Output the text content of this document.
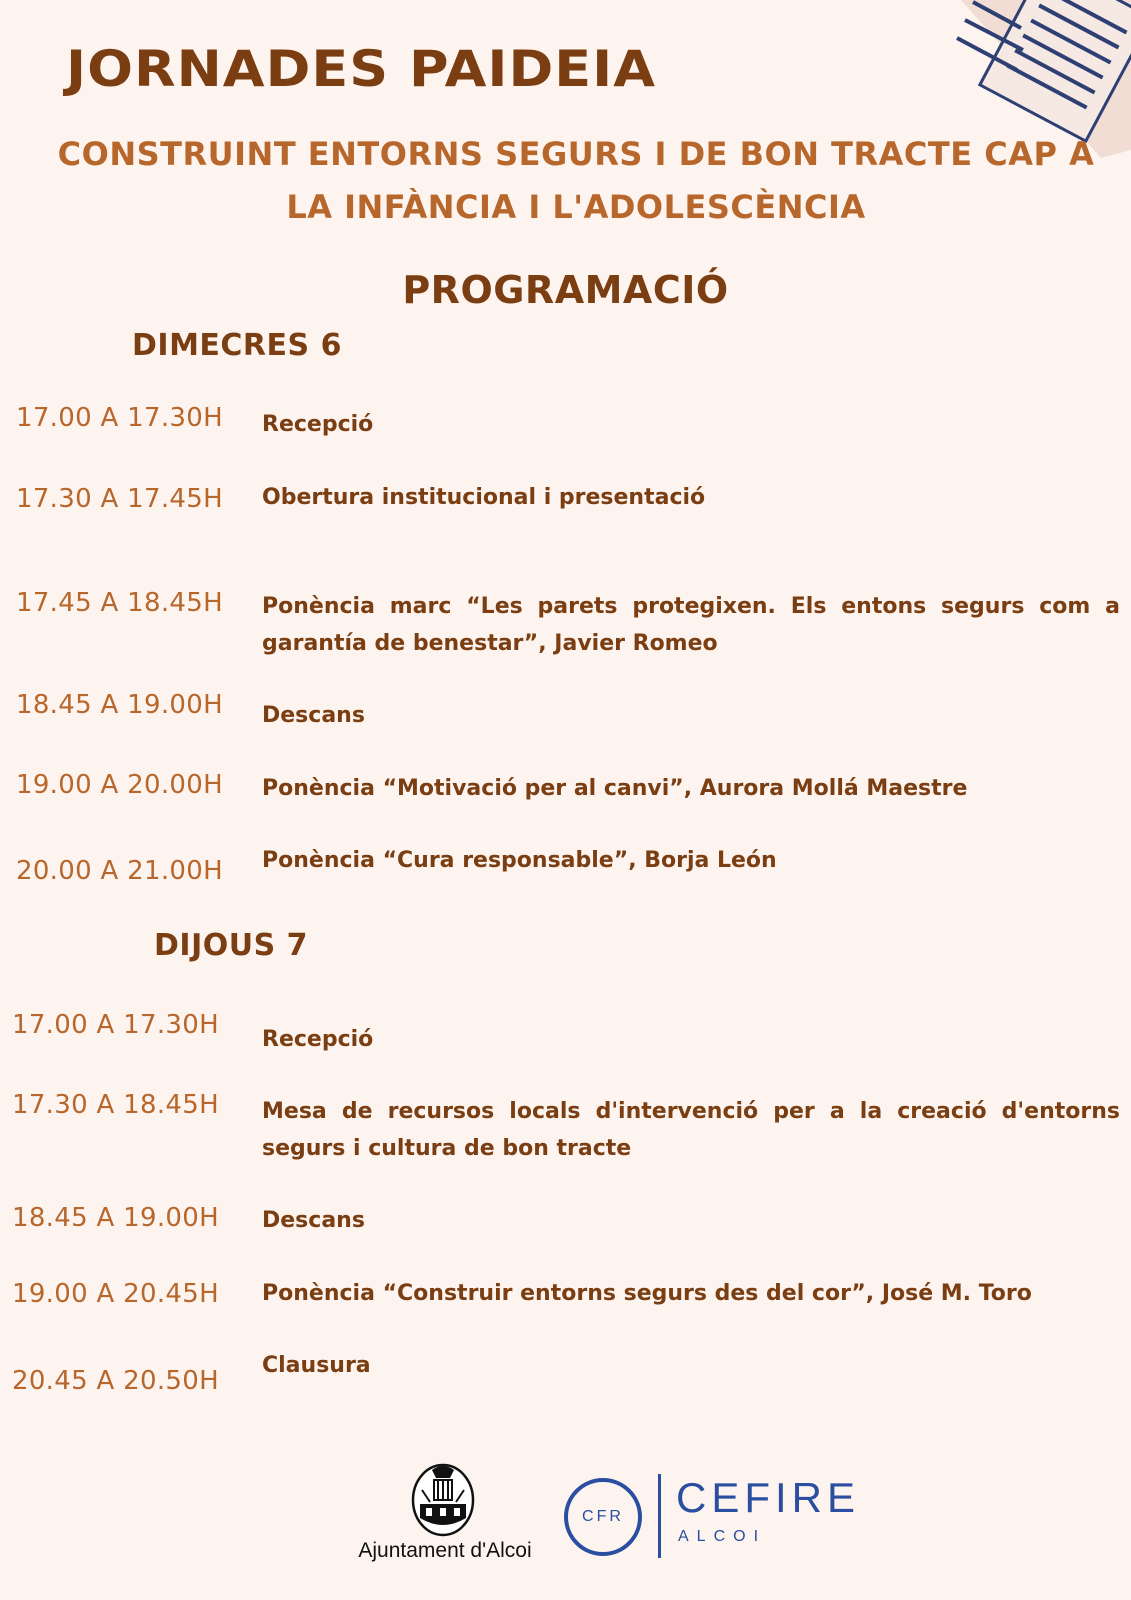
JORNADES PAIDEIA
CONSTRUINT ENTORNS SEGURS I DE BON TRACTE CAP A
LA INFÀNCIA I L'ADOLESCÈNCIA
PROGRAMACIÓ
DIMECRES 6
17.00 A 17.30H Recepció
17.30 A 17.45H Obertura institucional i presentació
17.45 A 18.45H Ponència marc “Les parets protegixen. Els entons segurs com a garantía de benestar”, Javier Romeo
18.45 A 19.00H Descans
19.00 A 20.00H Ponència “Motivació per al canvi”, Aurora Mollá Maestre
20.00 A 21.00H Ponència “Cura responsable”, Borja León
DIJOUS 7
17.00 A 17.30H Recepció
17.30 A 18.45H Mesa de recursos locals d'intervenció per a la creació d'entorns segurs i cultura de bon tracte
18.45 A 19.00H Descans
19.00 A 20.45H Ponència “Construir entorns segurs des del cor”, José M. Toro
20.45 A 20.50H
Clausura
Ajuntament d'Alcoi
CFR	CEFIRE
ALCOI
